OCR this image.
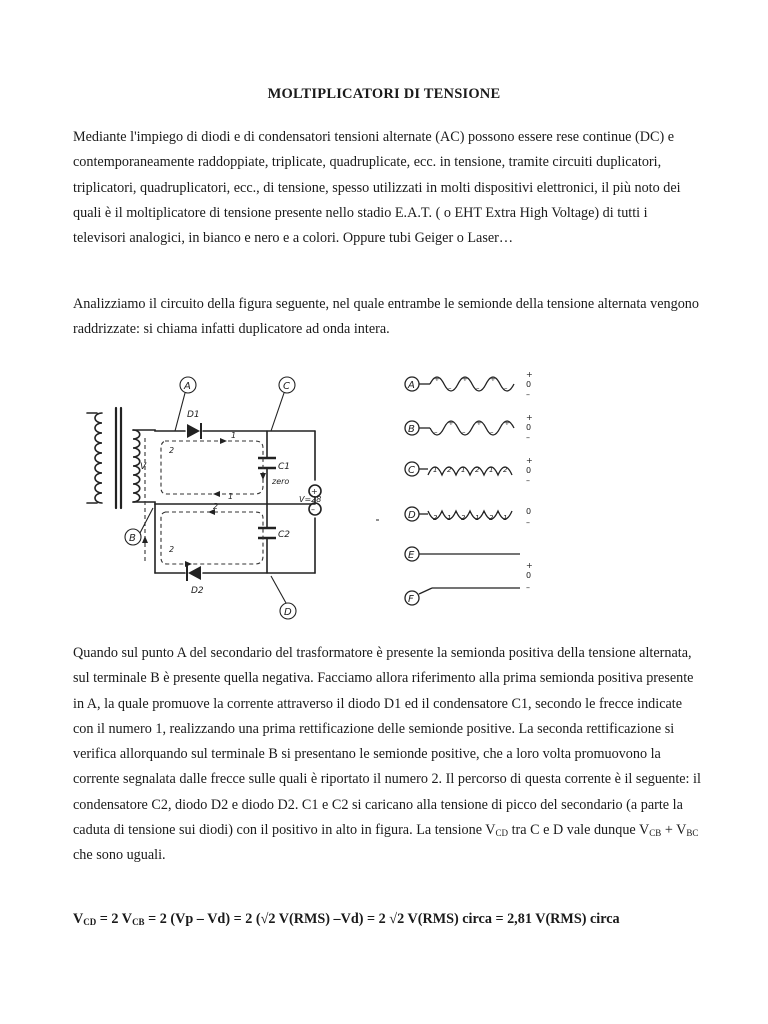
MOLTIPLICATORI DI TENSIONE

Mediante l'impiego di diodi e di condensatori tensioni alternate (AC) possono essere rese continue (DC) e contemporaneamente raddoppiate, triplicate, quadruplicate, ecc. in tensione, tramite circuiti duplicatori, triplicatori, quadruplicatori, ecc., di tensione, spesso utilizzati in molti dispositivi elettronici, il più noto dei quali è il moltiplicatore di tensione presente nello stadio E.A.T. ( o EHT Extra High Voltage) di tutti i televisori analogici, in bianco e nero e a colori. Oppure tubi Geiger o Laser…

Analizziamo il circuito della figura seguente, nel quale entrambe le semionde della tensione alternata vengono raddrizzate: si chiama infatti duplicatore ad onda intera.

Quando sul punto A del secondario del trasformatore è presente la semionda positiva della tensione alternata, sul terminale B è presente quella negativa. Facciamo allora riferimento alla prima semionda positiva presente in A, la quale promuove la corrente attraverso il diodo D1 ed il condensatore C1, secondo le frecce indicate con il numero 1, realizzando una prima rettificazione delle semionde positive. La seconda rettificazione si verifica allorquando sul terminale B si presentano le semionde positive, che a loro volta promuovono la corrente segnalata dalle frecce sulle quali è riportato il numero 2. Il percorso di questa corrente è il seguente: il condensatore C2, diodo D2 e diodo D2. C1 e C2 si caricano alla tensione di picco del secondario (a parte la caduta di tensione sui diodi) con il positivo in alto in figura. La tensione $V_{CD}$ tra C e D vale dunque $V_{CB} + V_{BC}$ che sono uguali.

$V_{CD} = 2$ $V_{CB} = 2$ (Vp – Vd) = 2 (√2 V(RMS) –Vd) = 2 √2 V(RMS) circa = 2,81 V(RMS) circa
+
–
A	C
B
D
D1
D2
C1
C2
V
V=28
zero
1
1
2
2
2
A
B
C
D
E
F
+
0
–
+
0
–
+
0
–
0
–
+
0
–
+
–
+
–
+
–
–
+
–
+
–
+
1 2 1 2 1 2
2 1 2 1 2 1
